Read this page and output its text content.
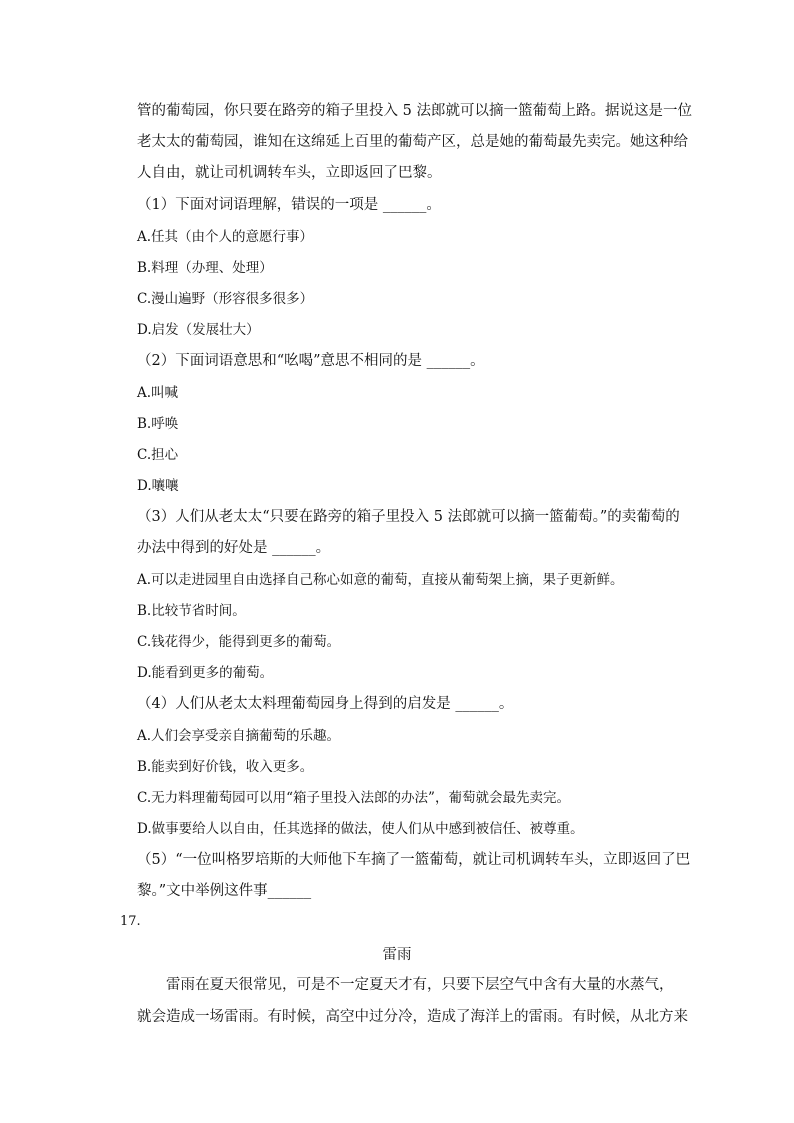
管的葡萄园，你只要在路旁的箱子里投入 5 法郎就可以摘一篮葡萄上路。据说这是一位
老太太的葡萄园，谁知在这绵延上百里的葡萄产区，总是她的葡萄最先卖完。她这种给
人自由，就让司机调转车头，立即返回了巴黎。
（1）下面对词语理解，错误的一项是 ______。
A.任其（由个人的意愿行事）
B.料理（办理、处理）
C.漫山遍野（形容很多很多）
D.启发（发展壮大）
（2）下面词语意思和“吆喝”意思不相同的是 ______。
A.叫喊
B.呼唤
C.担心
D.嚷嚷
（3）人们从老太太“只要在路旁的箱子里投入 5 法郎就可以摘一篮葡萄。”的卖葡萄的
办法中得到的好处是 ______。
A.可以走进园里自由选择自己称心如意的葡萄，直接从葡萄架上摘，果子更新鲜。
B.比较节省时间。
C.钱花得少，能得到更多的葡萄。
D.能看到更多的葡萄。
（4）人们从老太太料理葡萄园身上得到的启发是 ______。
A.人们会享受亲自摘葡萄的乐趣。
B.能卖到好价钱，收入更多。
C.无力料理葡萄园可以用“箱子里投入法郎的办法”，葡萄就会最先卖完。
D.做事要给人以自由，任其选择的做法，使人们从中感到被信任、被尊重。
（5）“一位叫格罗培斯的大师他下车摘了一篮葡萄，就让司机调转车头，立即返回了巴
黎。”文中举例这件事______
17.
雷雨
　　雷雨在夏天很常见，可是不一定夏天才有，只要下层空气中含有大量的水蒸气，
就会造成一场雷雨。有时候，高空中过分冷，造成了海洋上的雷雨。有时候，从北方来
